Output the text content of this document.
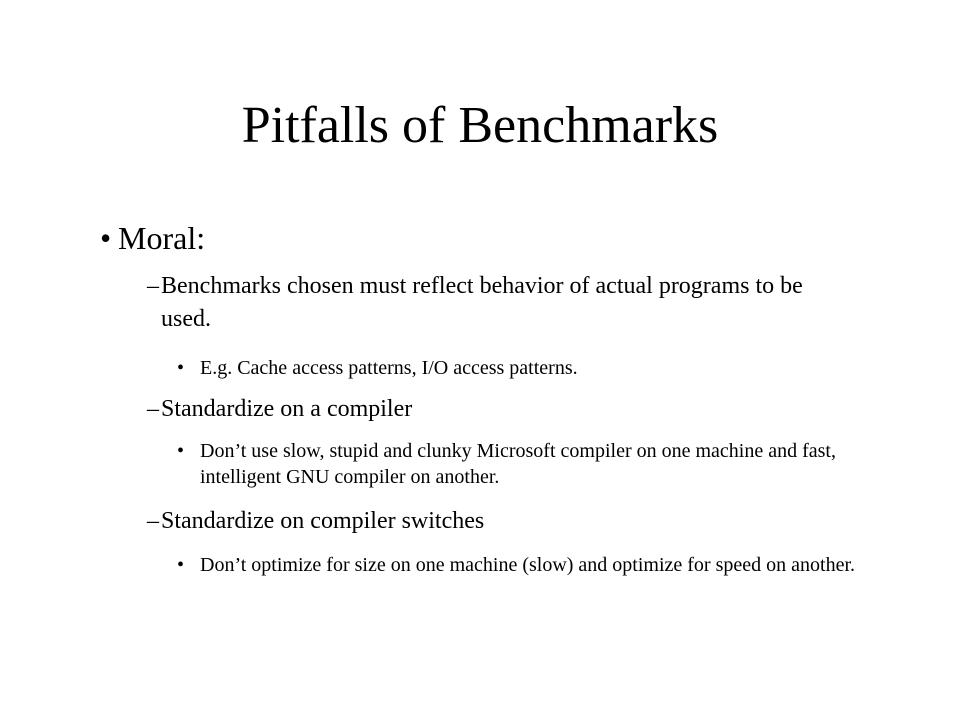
Pitfalls of Benchmarks
• Moral:
– Benchmarks chosen must reflect behavior of actual programs to be used.
• E.g. Cache access patterns, I/O access patterns.
– Standardize on a compiler
• Don’t use slow, stupid and clunky Microsoft compiler on one machine and fast, intelligent GNU compiler on another.
– Standardize on compiler switches
• Don’t optimize for size on one machine (slow) and optimize for speed on another.
